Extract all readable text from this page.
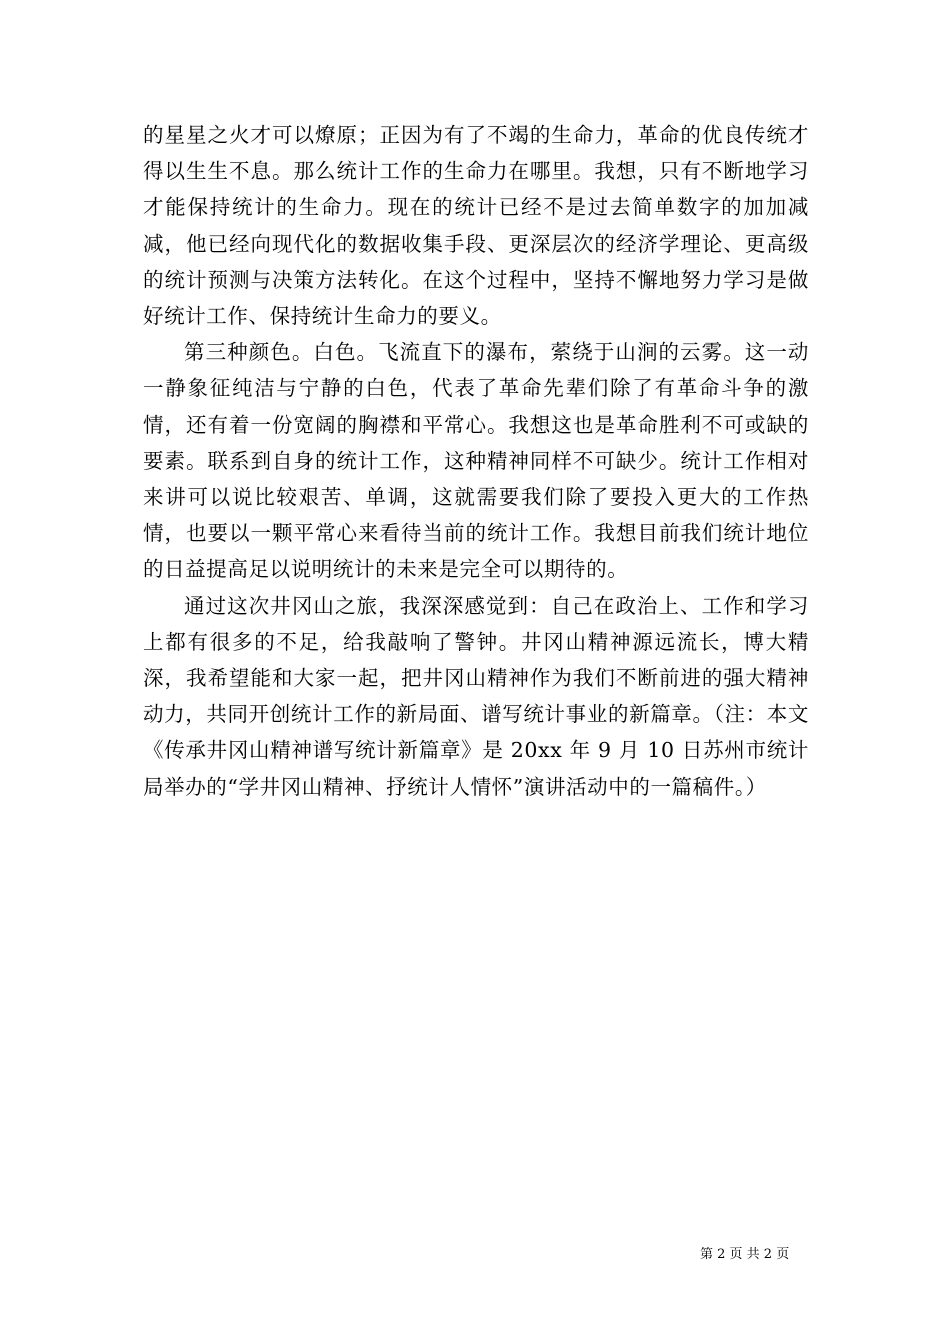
的星星之火才可以燎原；正因为有了不竭的生命力，革命的优良传统才得以生生不息。那么统计工作的生命力在哪里。我想，只有不断地学习才能保持统计的生命力。现在的统计已经不是过去简单数字的加加减减，他已经向现代化的数据收集手段、更深层次的经济学理论、更高级的统计预测与决策方法转化。在这个过程中，坚持不懈地努力学习是做好统计工作、保持统计生命力的要义。

第三种颜色。白色。飞流直下的瀑布，萦绕于山涧的云雾。这一动一静象征纯洁与宁静的白色，代表了革命先辈们除了有革命斗争的激情，还有着一份宽阔的胸襟和平常心。我想这也是革命胜利不可或缺的要素。联系到自身的统计工作，这种精神同样不可缺少。统计工作相对来讲可以说比较艰苦、单调，这就需要我们除了要投入更大的工作热情，也要以一颗平常心来看待当前的统计工作。我想目前我们统计地位的日益提高足以说明统计的未来是完全可以期待的。

通过这次井冈山之旅，我深深感觉到：自己在政治上、工作和学习上都有很多的不足，给我敲响了警钟。井冈山精神源远流长，博大精深，我希望能和大家一起，把井冈山精神作为我们不断前进的强大精神动力，共同开创统计工作的新局面、谱写统计事业的新篇章。（注：本文《传承井冈山精神谱写统计新篇章》是 20xx 年 9 月 10 日苏州市统计局举办的“学井冈山精神、抒统计人情怀”演讲活动中的一篇稿件。）

第 2 页 共 2 页
